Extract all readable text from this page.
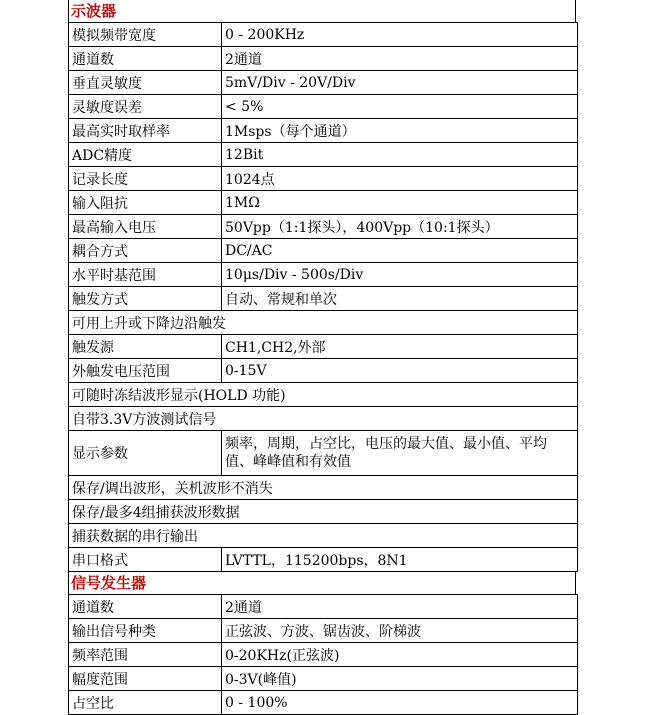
示波器
模拟频带宽度	0 - 200KHz
通道数	2通道
垂直灵敏度	5mV/Div - 20V/Div
灵敏度误差	< 5%
最高实时取样率	1Msps（每个通道）
ADC精度	12Bit
记录长度	1024点
输入阻抗	1MΩ
最高输入电压	50Vpp（1:1探头），400Vpp（10:1探头）
耦合方式	DC/AC
水平时基范围	10μs/Div - 500s/Div
触发方式	自动、常规和单次
可用上升或下降边沿触发	
触发源	CH1,CH2,外部
外触发电压范围	0-15V
可随时冻结波形显示(HOLD 功能)	
自带3.3V方波测试信号	
显示参数	频率，周期，占空比，电压的最大值、最小值、平均值、峰峰值和有效值
保存/调出波形，关机波形不消失	
保存/最多4组捕获波形数据	
捕获数据的串行输出	
串口格式	LVTTL，115200bps，8N1
信号发生器
通道数	2通道
输出信号种类	正弦波、方波、锯齿波、阶梯波
频率范围	0-20KHz(正弦波)
幅度范围	0-3V(峰值)
占空比	0 - 100%
